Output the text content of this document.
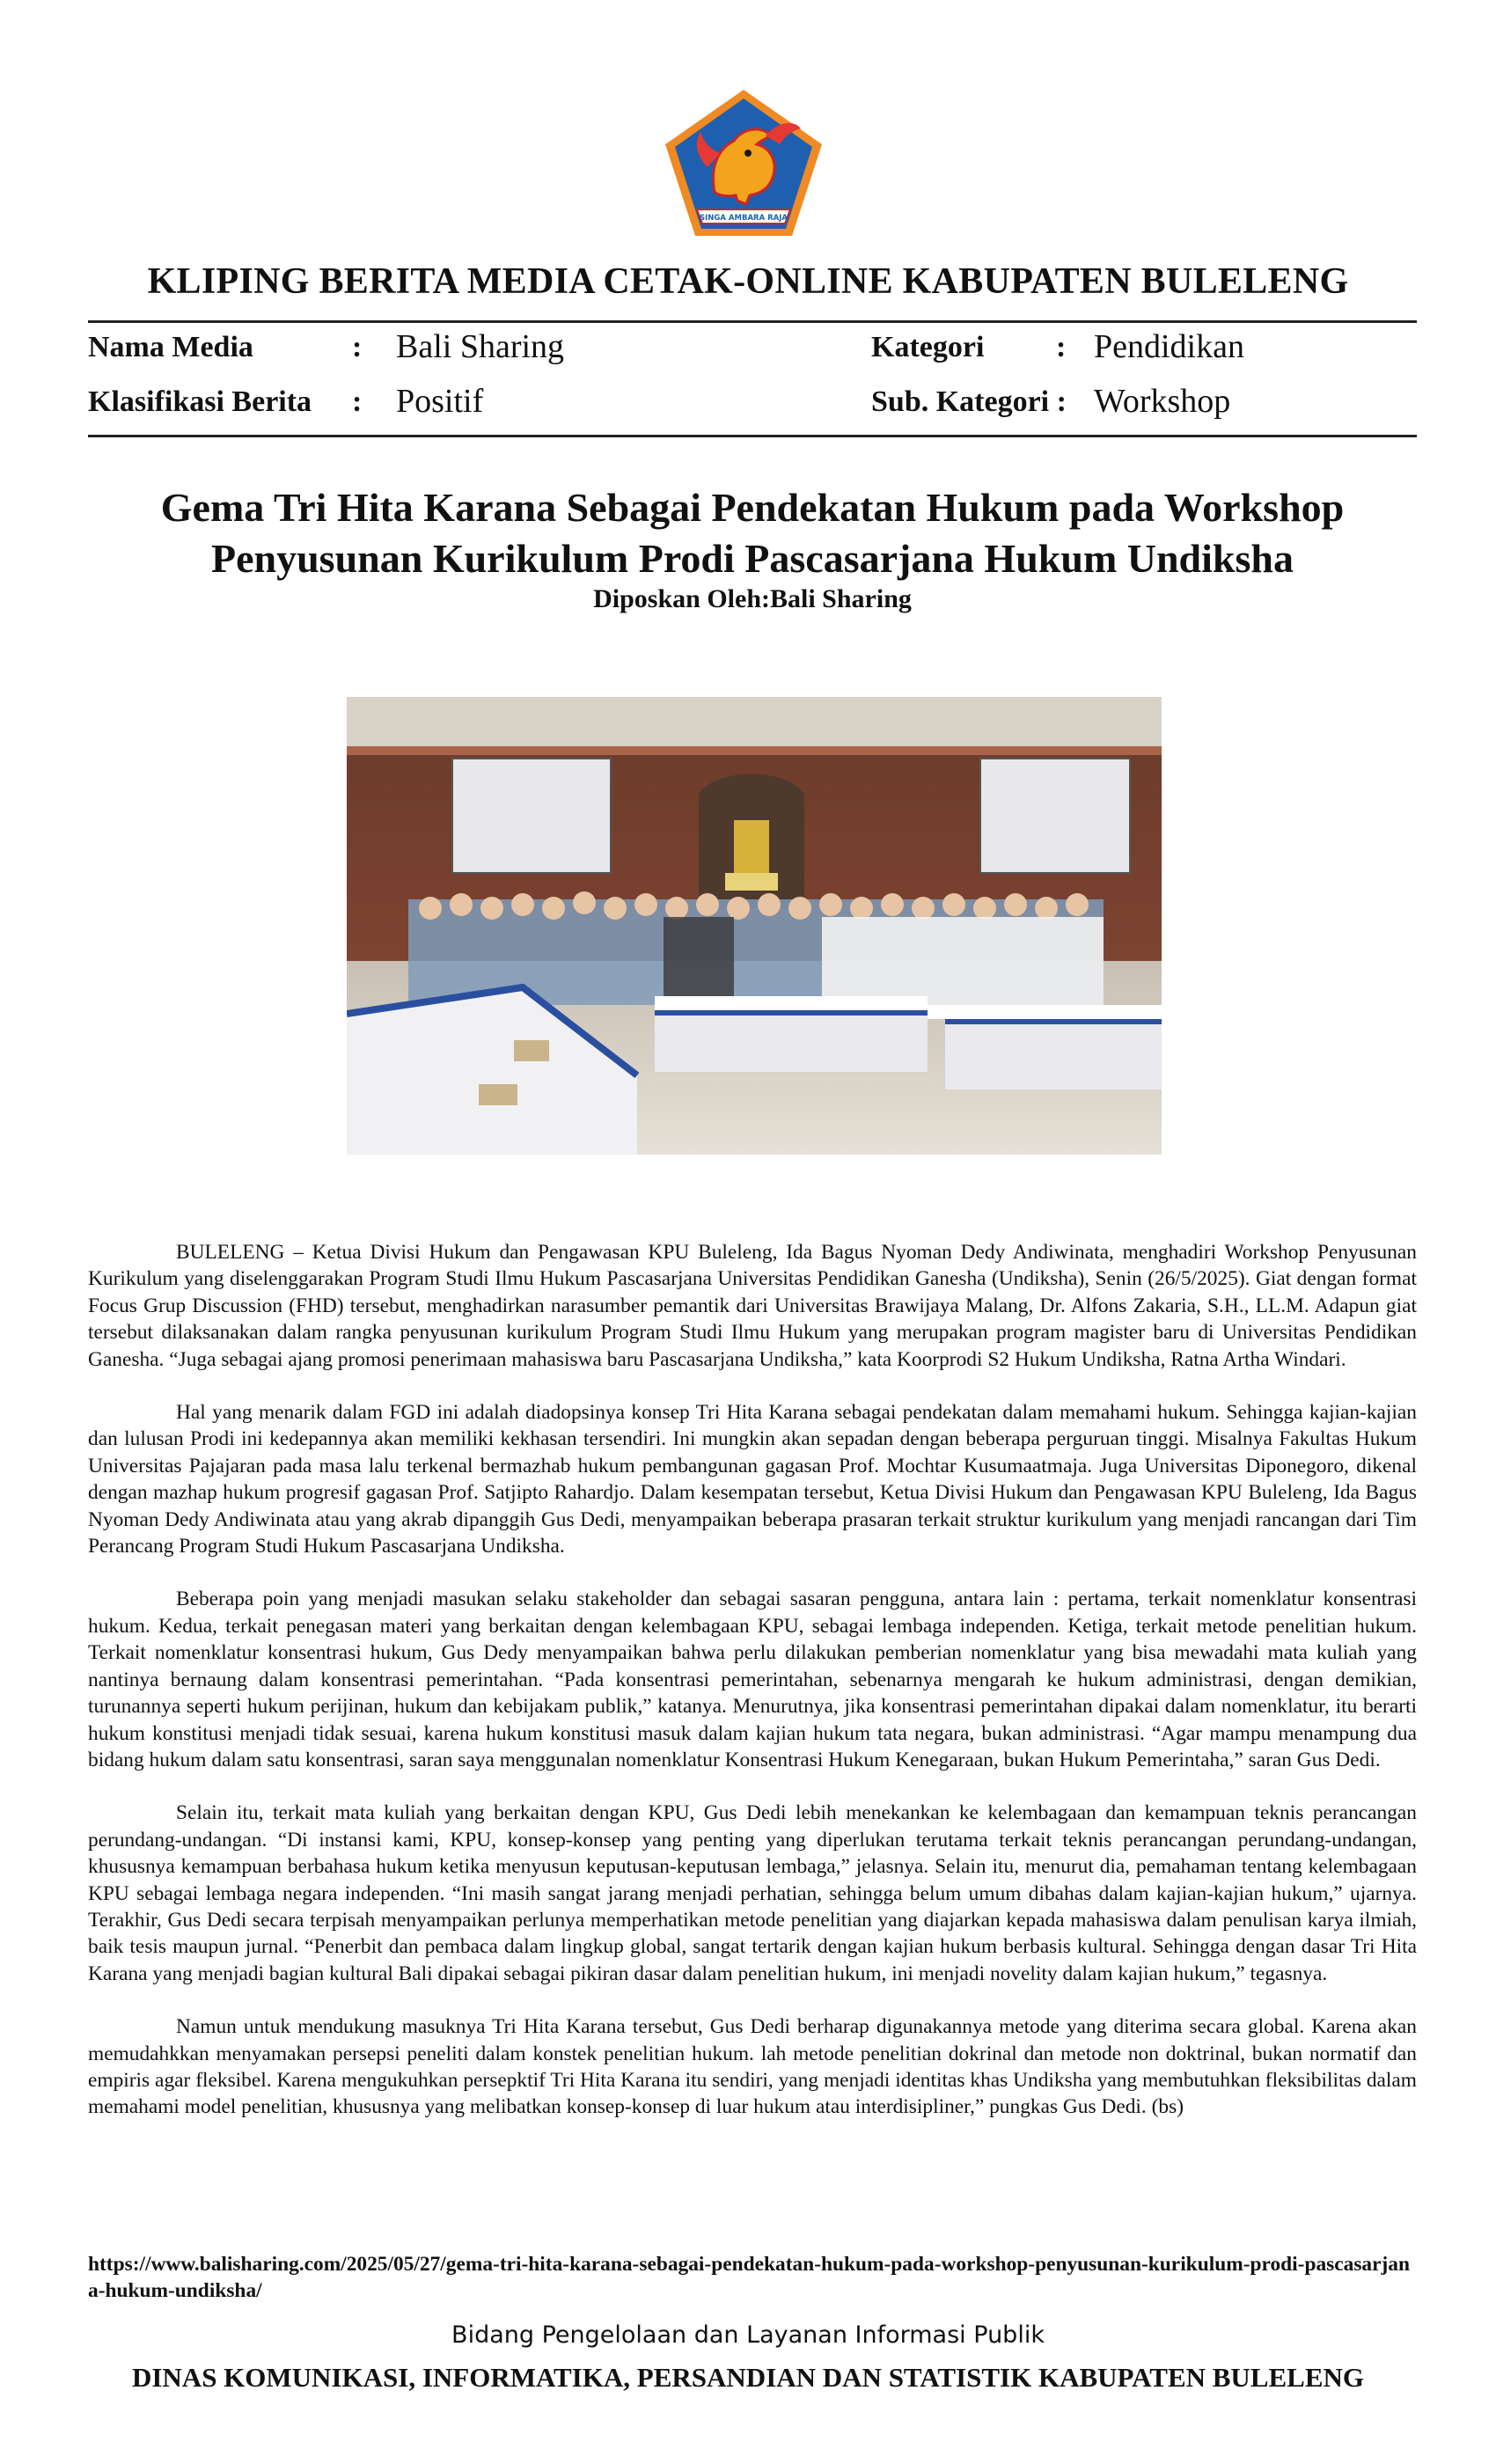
SINGA AMBARA RAJA
KLIPING BERITA MEDIA CETAK-ONLINE KABUPATEN BULELENG
Nama Media	: Bali Sharing	Kategori : Pendidikan
Klasifikasi Berita : Positif	Sub. Kategori : Workshop
Gema Tri Hita Karana Sebagai Pendekatan Hukum pada Workshop
Penyusunan Kurikulum Prodi Pascasarjana Hukum Undiksha
Diposkan Oleh:Bali Sharing

BULELENG – Ketua Divisi Hukum dan Pengawasan KPU Buleleng, Ida Bagus Nyoman Dedy Andiwinata, menghadiri Workshop Penyusunan Kurikulum yang diselenggarakan Program Studi Ilmu Hukum Pascasarjana Universitas Pendidikan Ganesha (Undiksha), Senin (26/5/2025). Giat dengan format Focus Grup Discussion (FHD) tersebut, menghadirkan narasumber pemantik dari Universitas Brawijaya Malang, Dr. Alfons Zakaria, S.H., LL.M. Adapun giat tersebut dilaksanakan dalam rangka penyusunan kurikulum Program Studi Ilmu Hukum yang merupakan program magister baru di Universitas Pendidikan Ganesha. “Juga sebagai ajang promosi penerimaan mahasiswa baru Pascasarjana Undiksha,” kata Koorprodi S2 Hukum Undiksha, Ratna Artha Windari.

Hal yang menarik dalam FGD ini adalah diadopsinya konsep Tri Hita Karana sebagai pendekatan dalam memahami hukum. Sehingga kajian-kajian dan lulusan Prodi ini kedepannya akan memiliki kekhasan tersendiri. Ini mungkin akan sepadan dengan beberapa perguruan tinggi. Misalnya Fakultas Hukum Universitas Pajajaran pada masa lalu terkenal bermazhab hukum pembangunan gagasan Prof. Mochtar Kusumaatmaja. Juga Universitas Diponegoro, dikenal dengan mazhap hukum progresif gagasan Prof. Satjipto Rahardjo. Dalam kesempatan tersebut, Ketua Divisi Hukum dan Pengawasan KPU Buleleng, Ida Bagus Nyoman Dedy Andiwinata atau yang akrab dipanggih Gus Dedi, menyampaikan beberapa prasaran terkait struktur kurikulum yang menjadi rancangan dari Tim Perancang Program Studi Hukum Pascasarjana Undiksha.

Beberapa poin yang menjadi masukan selaku stakeholder dan sebagai sasaran pengguna, antara lain : pertama, terkait nomenklatur konsentrasi hukum. Kedua, terkait penegasan materi yang berkaitan dengan kelembagaan KPU, sebagai lembaga independen. Ketiga, terkait metode penelitian hukum. Terkait nomenklatur konsentrasi hukum, Gus Dedy menyampaikan bahwa perlu dilakukan pemberian nomenklatur yang bisa mewadahi mata kuliah yang nantinya bernaung dalam konsentrasi pemerintahan. “Pada konsentrasi pemerintahan, sebenarnya mengarah ke hukum administrasi, dengan demikian, turunannya seperti hukum perijinan, hukum dan kebijakam publik,” katanya. Menurutnya, jika konsentrasi pemerintahan dipakai dalam nomenklatur, itu berarti hukum konstitusi menjadi tidak sesuai, karena hukum konstitusi masuk dalam kajian hukum tata negara, bukan administrasi. “Agar mampu menampung dua bidang hukum dalam satu konsentrasi, saran saya menggunalan nomenklatur Konsentrasi Hukum Kenegaraan, bukan Hukum Pemerintaha,” saran Gus Dedi.

Selain itu, terkait mata kuliah yang berkaitan dengan KPU, Gus Dedi lebih menekankan ke kelembagaan dan kemampuan teknis perancangan perundang-undangan. “Di instansi kami, KPU, konsep-konsep yang penting yang diperlukan terutama terkait teknis perancangan perundang-undangan, khususnya kemampuan berbahasa hukum ketika menyusun keputusan-keputusan lembaga,” jelasnya. Selain itu, menurut dia, pemahaman tentang kelembagaan KPU sebagai lembaga negara independen. “Ini masih sangat jarang menjadi perhatian, sehingga belum umum dibahas dalam kajian-kajian hukum,” ujarnya. Terakhir, Gus Dedi secara terpisah menyampaikan perlunya memperhatikan metode penelitian yang diajarkan kepada mahasiswa dalam penulisan karya ilmiah, baik tesis maupun jurnal. “Penerbit dan pembaca dalam lingkup global, sangat tertarik dengan kajian hukum berbasis kultural. Sehingga dengan dasar Tri Hita Karana yang menjadi bagian kultural Bali dipakai sebagai pikiran dasar dalam penelitian hukum, ini menjadi novelity dalam kajian hukum,” tegasnya.

Namun untuk mendukung masuknya Tri Hita Karana tersebut, Gus Dedi berharap digunakannya metode yang diterima secara global. Karena akan memudahkkan menyamakan persepsi peneliti dalam konstek penelitian hukum. lah metode penelitian dokrinal dan metode non doktrinal, bukan normatif dan empiris agar fleksibel. Karena mengukuhkan persepktif Tri Hita Karana itu sendiri, yang menjadi identitas khas Undiksha yang membutuhkan fleksibilitas dalam memahami model penelitian, khususnya yang melibatkan konsep-konsep di luar hukum atau interdisipliner,” pungkas Gus Dedi. (bs)

https://www.balisharing.com/2025/05/27/gema-tri-hita-karana-sebagai-pendekatan-hukum-pada-workshop-penyusunan-kurikulum-prodi-pascasarjana-hukum-undiksha/
Bidang Pengelolaan dan Layanan Informasi Publik
DINAS KOMUNIKASI, INFORMATIKA, PERSANDIAN DAN STATISTIK KABUPATEN BULELENG
